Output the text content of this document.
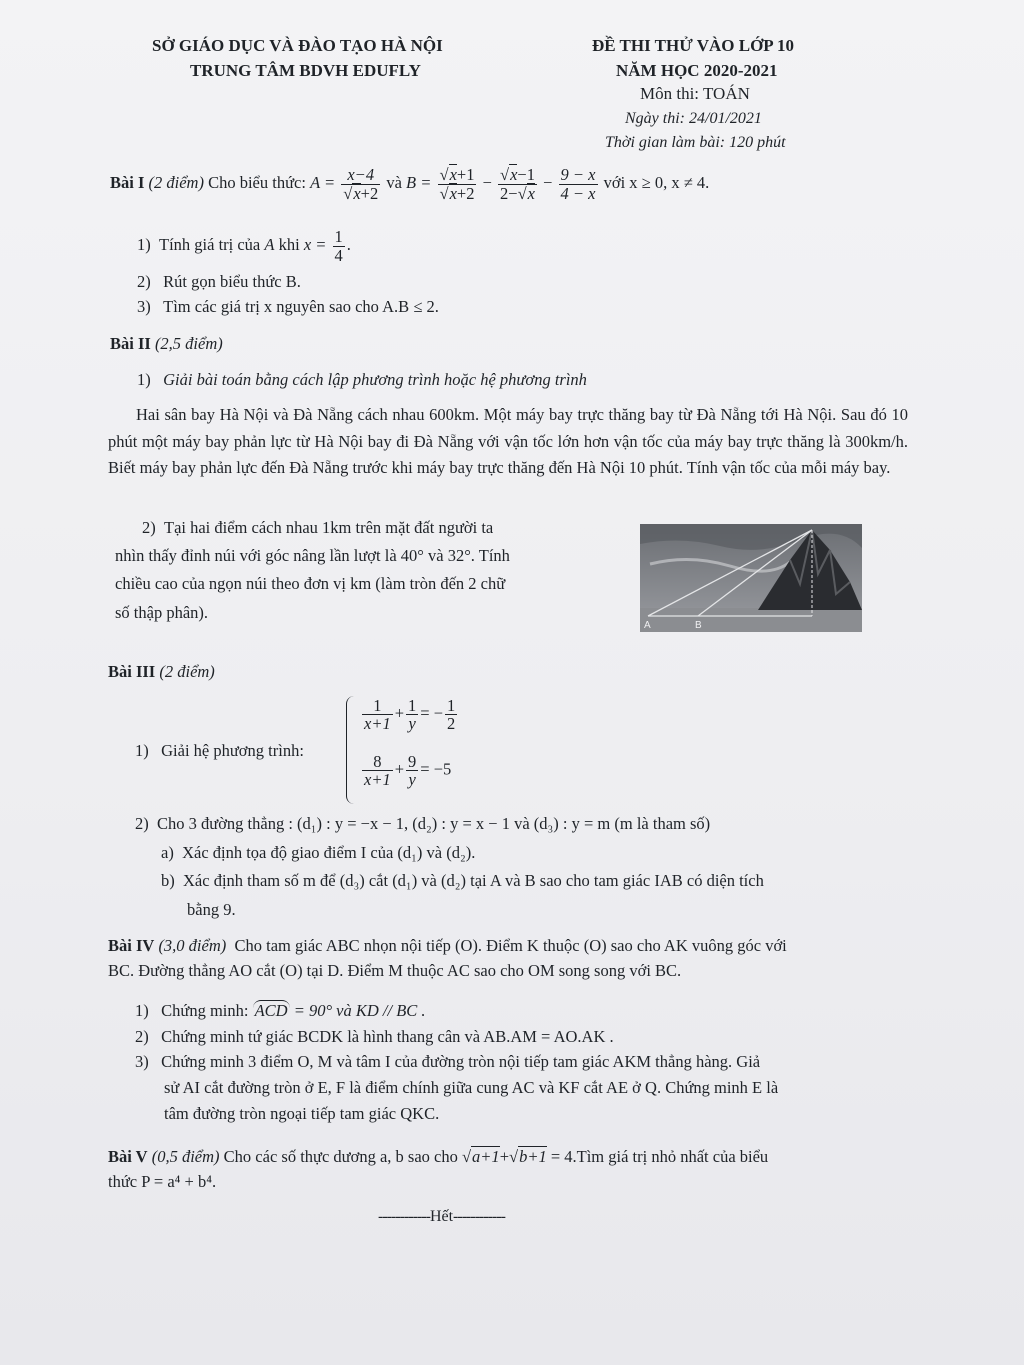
SỞ GIÁO DỤC VÀ ĐÀO TẠO HÀ NỘI
TRUNG TÂM BDVH EDUFLY
ĐỀ THI THỬ VÀO LỚP 10
NĂM HỌC 2020-2021
Môn thi: TOÁN
Ngày thi: 24/01/2021
Thời gian làm bài: 120 phút
Bài I (2 điểm) Cho biểu thức: $A = \frac{x-4}{√x+2}$ và $B = \frac{√x+1}{√x+2} - \frac{√x-1}{2-√x} - \frac{9 - x}{4 - x}$ với x ≥ 0, x ≠ 4.
1) Tính giá trị của A khi $x = \frac{1}{4}$ .
2) Rút gọn biểu thức B.
3) Tìm các giá trị x nguyên sao cho A.B ≤ 2.
Bài II (2,5 điểm)
1) Giải bài toán bằng cách lập phương trình hoặc hệ phương trình
Hai sân bay Hà Nội và Đà Nẵng cách nhau 600km. Một máy bay trực thăng bay từ Đà Nẵng tới Hà Nội. Sau đó 10 phút một máy bay phản lực từ Hà Nội bay đi Đà Nẵng với vận tốc lớn hơn vận tốc của máy bay trực thăng là 300km/h. Biết máy bay phản lực đến Đà Nẵng trước khi máy bay trực thăng đến Hà Nội 10 phút. Tính vận tốc của mỗi máy bay.
2) Tại hai điểm cách nhau 1km trên mặt đất người ta
nhìn thấy đỉnh núi với góc nâng lần lượt là 40° và 32°. Tính
chiều cao của ngọn núi theo đơn vị km (làm tròn đến 2 chữ
số thập phân).
A	B
Bài III (2 điểm)
1) Giải hệ phương trình:
$\frac{1}{x+1} + \frac{1}{y}$ = − $\frac{1}{2}$
$\frac{8}{x+1} + \frac{9}{y} = -5$
2) Cho 3 đường thẳng : (d₁) : y = −x − 1, (d₂) : y = x − 1 và (d₃) : y = m (m là tham số)
a) Xác định tọa độ giao điểm I của (d₁) và (d₂).
b) Xác định tham số m để (d₃) cắt (d₁) và (d₂) tại A và B sao cho tam giác IAB có diện tích
bằng 9.
Bài IV (3,0 điểm) Cho tam giác ABC nhọn nội tiếp (O). Điểm K thuộc (O) sao cho AK vuông góc với
BC. Đường thẳng AO cắt (O) tại D. Điểm M thuộc AC sao cho OM song song với BC.
1) Chứng minh: ACD = 90° và KD // BC .
2) Chứng minh tứ giác BCDK là hình thang cân và AB.AM = AO.AK .
3) Chứng minh 3 điểm O, M và tâm I của đường tròn nội tiếp tam giác AKM thẳng hàng. Giả
sử AI cắt đường tròn ở E, F là điểm chính giữa cung AC và KF cắt AE ở Q. Chứng minh E là
tâm đường tròn ngoại tiếp tam giác QKC.
Bài V (0,5 điểm) Cho các số thực dương a, b sao cho √a+1+√b+1 = 4.Tìm giá trị nhỏ nhất của biểu
thức P = a⁴ + b⁴.
------------Hết------------
